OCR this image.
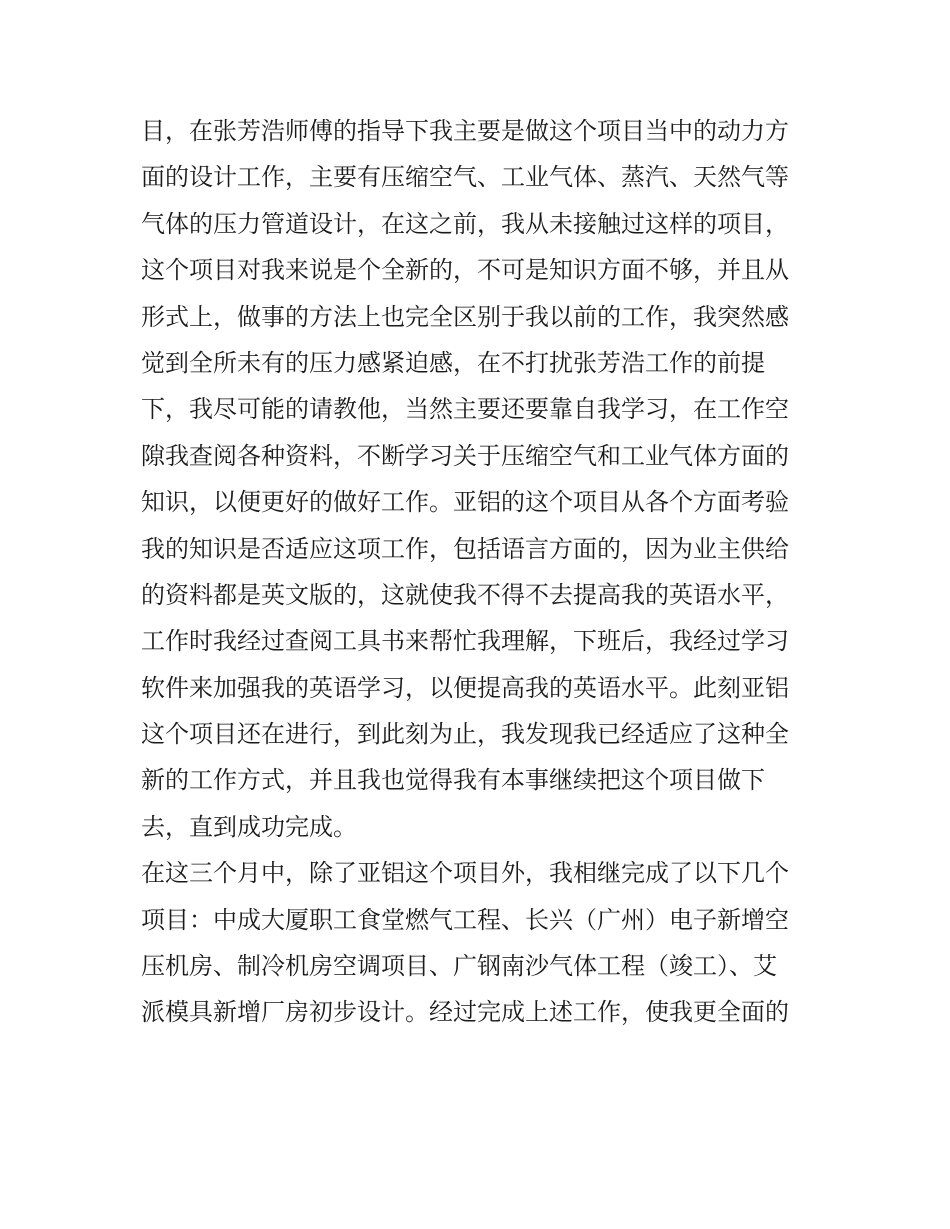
目，在张芳浩师傅的指导下我主要是做这个项目当中的动力方
面的设计工作，主要有压缩空气、工业气体、蒸汽、天然气等
气体的压力管道设计，在这之前，我从未接触过这样的项目，
这个项目对我来说是个全新的，不可是知识方面不够，并且从
形式上，做事的方法上也完全区别于我以前的工作，我突然感
觉到全所未有的压力感紧迫感，在不打扰张芳浩工作的前提
下，我尽可能的请教他，当然主要还要靠自我学习，在工作空
隙我查阅各种资料，不断学习关于压缩空气和工业气体方面的
知识，以便更好的做好工作。亚铝的这个项目从各个方面考验
我的知识是否适应这项工作，包括语言方面的，因为业主供给
的资料都是英文版的，这就使我不得不去提高我的英语水平，
工作时我经过查阅工具书来帮忙我理解，下班后，我经过学习
软件来加强我的英语学习，以便提高我的英语水平。此刻亚铝
这个项目还在进行，到此刻为止，我发现我已经适应了这种全
新的工作方式，并且我也觉得我有本事继续把这个项目做下
去，直到成功完成。
在这三个月中，除了亚铝这个项目外，我相继完成了以下几个
项目：中成大厦职工食堂燃气工程、长兴（广州）电子新增空
压机房、制冷机房空调项目、广钢南沙气体工程（竣工）、艾
派模具新增厂房初步设计。经过完成上述工作，使我更全面的
